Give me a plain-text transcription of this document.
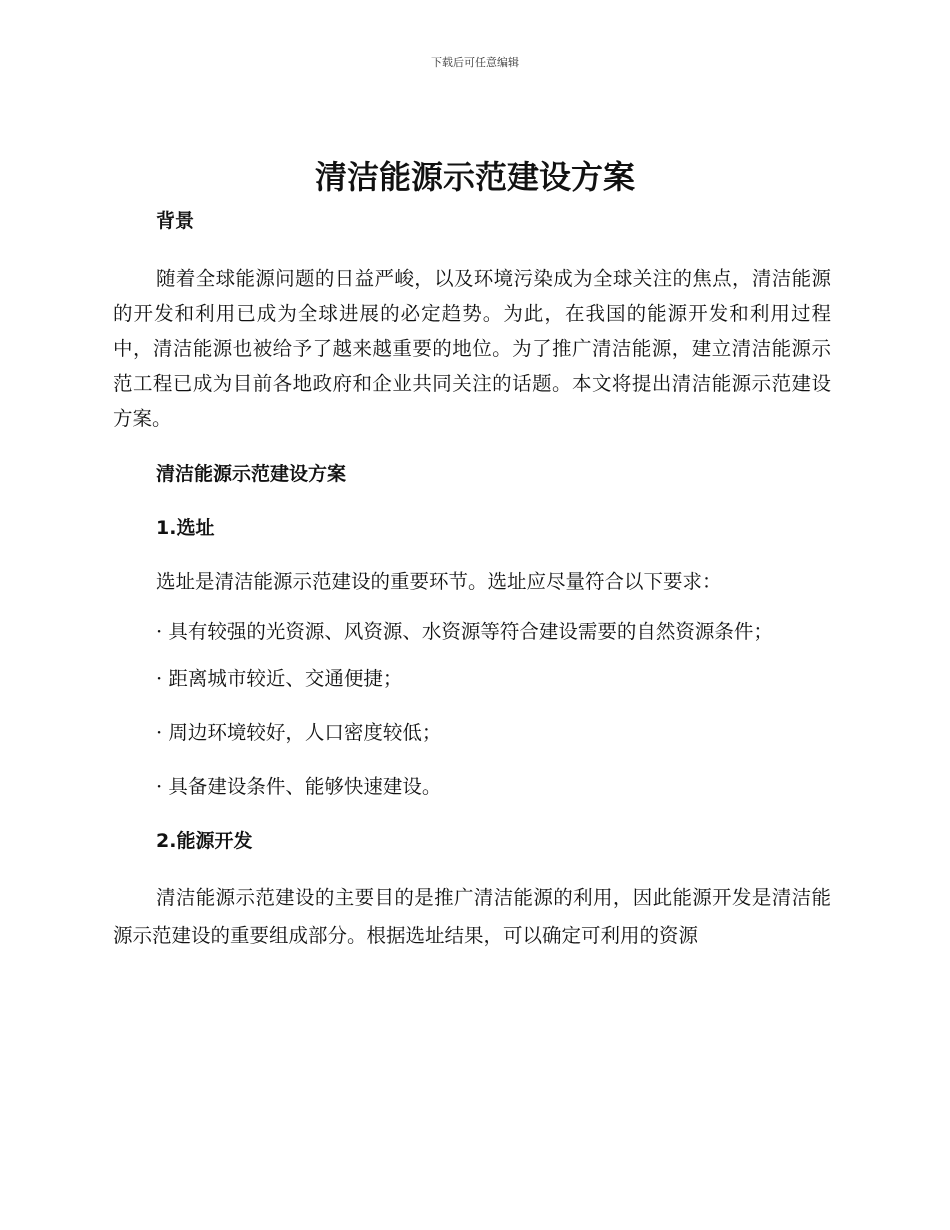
下载后可任意编辑
清洁能源示范建设方案

背景

随着全球能源问题的日益严峻，以及环境污染成为全球关注的焦点，清洁能源的开发和利用已成为全球进展的必定趋势。为此，在我国的能源开发和利用过程中，清洁能源也被给予了越来越重要的地位。为了推广清洁能源，建立清洁能源示范工程已成为目前各地政府和企业共同关注的话题。本文将提出清洁能源示范建设方案。

清洁能源示范建设方案

1.选址

选址是清洁能源示范建设的重要环节。选址应尽量符合以下要求：

· 具有较强的光资源、风资源、水资源等符合建设需要的自然资源条件；

· 距离城市较近、交通便捷；

· 周边环境较好，人口密度较低；

· 具备建设条件、能够快速建设。

2.能源开发

清洁能源示范建设的主要目的是推广清洁能源的利用，因此能源开发是清洁能源示范建设的重要组成部分。根据选址结果，可以确定可利用的资源
